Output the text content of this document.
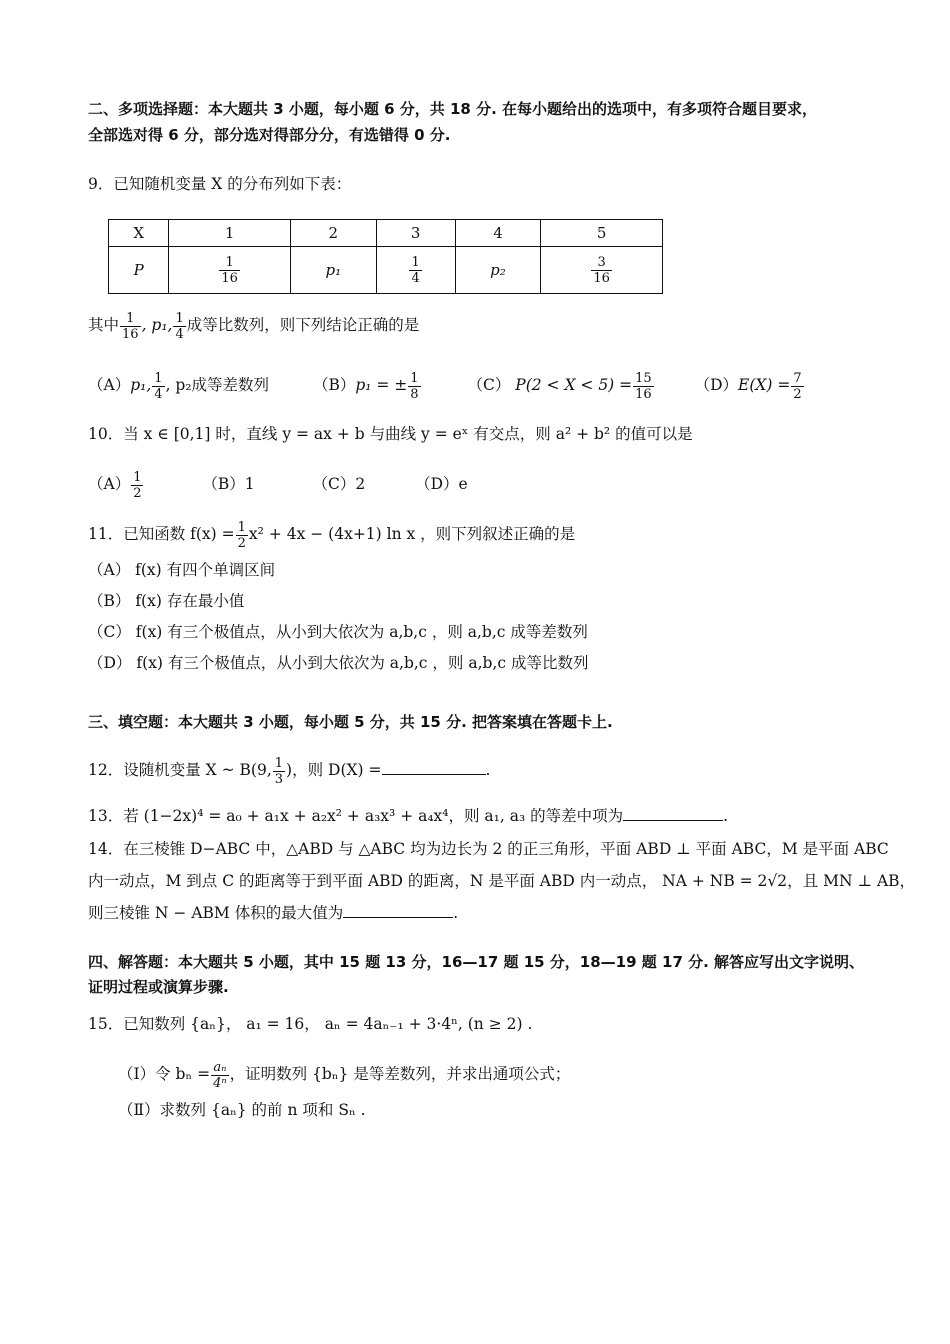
二、多项选择题：本大题共 3 小题，每小题 6 分，共 18 分. 在每小题给出的选项中，有多项符合题目要求，
全部选对得 6 分，部分选对得部分分，有选错得 0 分.
9．已知随机变量 X 的分布列如下表：
X	1	2	3	4	5
P	$\frac{1}{16}$	p₁	$\frac{1}{4}$	p₂	$\frac{3}{16}$
其中 $\frac{1}{16}$ , p₁, $\frac{1}{4}$ 成等比数列，则下列结论正确的是
（A）p₁, $\frac{1}{4}$ , p₂成等差数列	（B）p₁ = ± $\frac{1}{8}$	（C） $P(2 < X < 5) = \frac{15}{16}$	$(D)E(X) = \frac{7}{2}$
10．当 x ∈ [0,1] 时，直线 y = ax + b 与曲线 y = eˣ 有交点，则 a² + b² 的值可以是
$(A) \frac{1}{2}$	（B）1	（C）2	（D）e
11．已知函数 $f(x) = \frac{1}{2} x^2 + 4x - (4x+1)$ ln x ，则下列叙述正确的是
（A） f(x) 有四个单调区间
（B） f(x) 存在最小值
（C） f(x) 有三个极值点，从小到大依次为 a,b,c ，则 a,b,c 成等差数列
（D） f(x) 有三个极值点，从小到大依次为 a,b,c ，则 a,b,c 成等比数列
三、填空题：本大题共 3 小题，每小题 5 分，共 15 分. 把答案填在答题卡上.
12．设随机变量 X ~ B(9, $\frac{1}{3}$ )，则 D(X) =	.
13．若 (1−2x)⁴ = a₀ + a₁x + a₂x² + a₃x³ + a₄x⁴，则 a₁, a₃ 的等差中项为	.
14．在三棱锥 D−ABC 中，△ABD 与 △ABC 均为边长为 2 的正三角形，平面 ABD ⊥ 平面 ABC，M 是平面 ABC
内一动点，M 到点 C 的距离等于到平面 ABD 的距离，N 是平面 ABD 内一动点， NA + NB = 2√2，且 MN ⊥ AB，
则三棱锥 N − ABM 体积的最大值为	.
四、解答题：本大题共 5 小题，其中 15 题 13 分，16—17 题 15 分，18—19 题 17 分. 解答应写出文字说明、
证明过程或演算步骤.
15．已知数列 {aₙ}， a₁ = 16， aₙ = 4aₙ₋₁ + 3·4ⁿ, (n ≥ 2) .
（Ⅰ）令 $b_n = \frac{\text{aₙ}}{\text{4ⁿ}}$ ，证明数列 {bₙ} 是等差数列，并求出通项公式；
（Ⅱ）求数列 {aₙ} 的前 n 项和 Sₙ .
